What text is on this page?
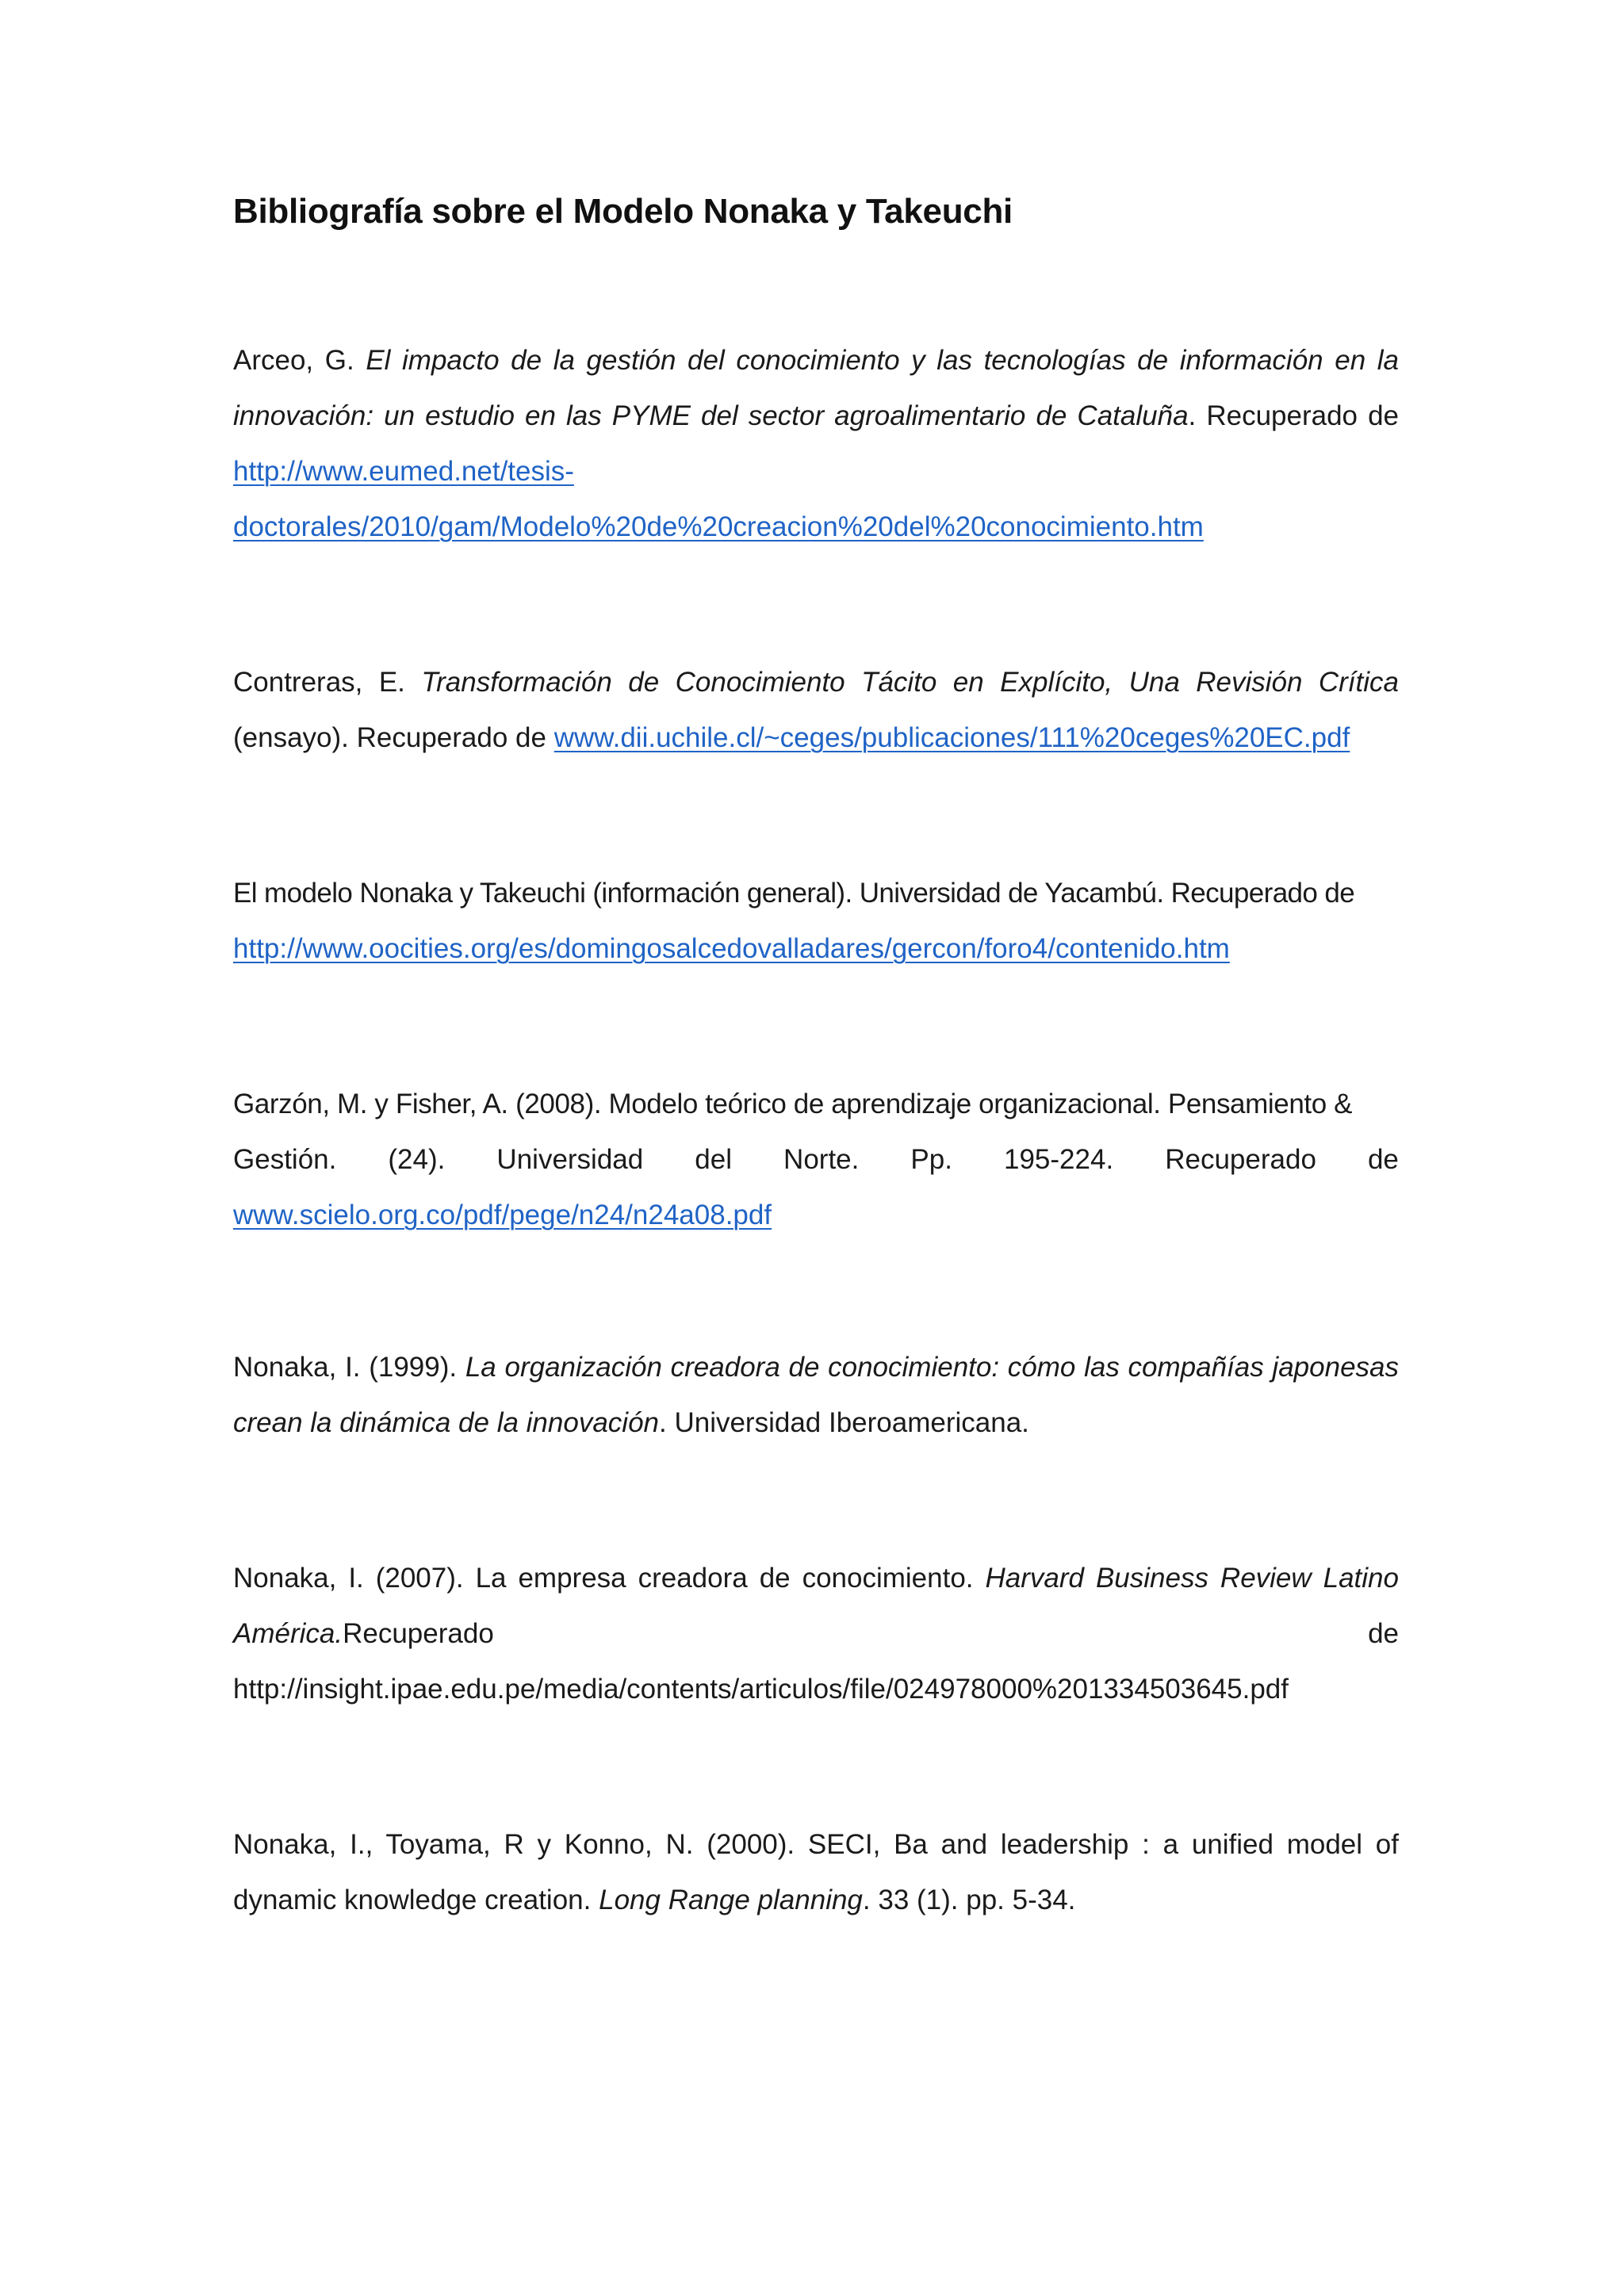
Bibliografía sobre el Modelo Nonaka y Takeuchi
Arceo, G. El impacto de la gestión del conocimiento y las tecnologías de información en la innovación: un estudio en las PYME del sector agroalimentario de Cataluña. Recuperado de
http://www.eumed.net/tesis-
doctorales/2010/gam/Modelo%20de%20creacion%20del%20conocimiento.htm
Contreras, E. Transformación de Conocimiento Tácito en Explícito, Una Revisión Crítica (ensayo). Recuperado de www.dii.uchile.cl/~ceges/publicaciones/111%20ceges%20EC.pdf
El modelo Nonaka y Takeuchi (información general). Universidad de Yacambú. Recuperado de
http://www.oocities.org/es/domingosalcedovalladares/gercon/foro4/contenido.htm
Garzón, M. y Fisher, A. (2008). Modelo teórico de aprendizaje organizacional. Pensamiento &
Gestión. (24). Universidad del Norte. Pp. 195-224. Recuperado de
www.scielo.org.co/pdf/pege/n24/n24a08.pdf
Nonaka, I. (1999). La organización creadora de conocimiento: cómo las compañías japonesas crean la dinámica de la innovación. Universidad Iberoamericana.
Nonaka, I. (2007). La empresa creadora de conocimiento. Harvard Business Review Latino América.Recuperado	de
http://insight.ipae.edu.pe/media/contents/articulos/file/024978000%201334503645.pdf
Nonaka, I., Toyama, R y Konno, N. (2000). SECI, Ba and leadership : a unified model of dynamic knowledge creation. Long Range planning. 33 (1). pp. 5-34.
